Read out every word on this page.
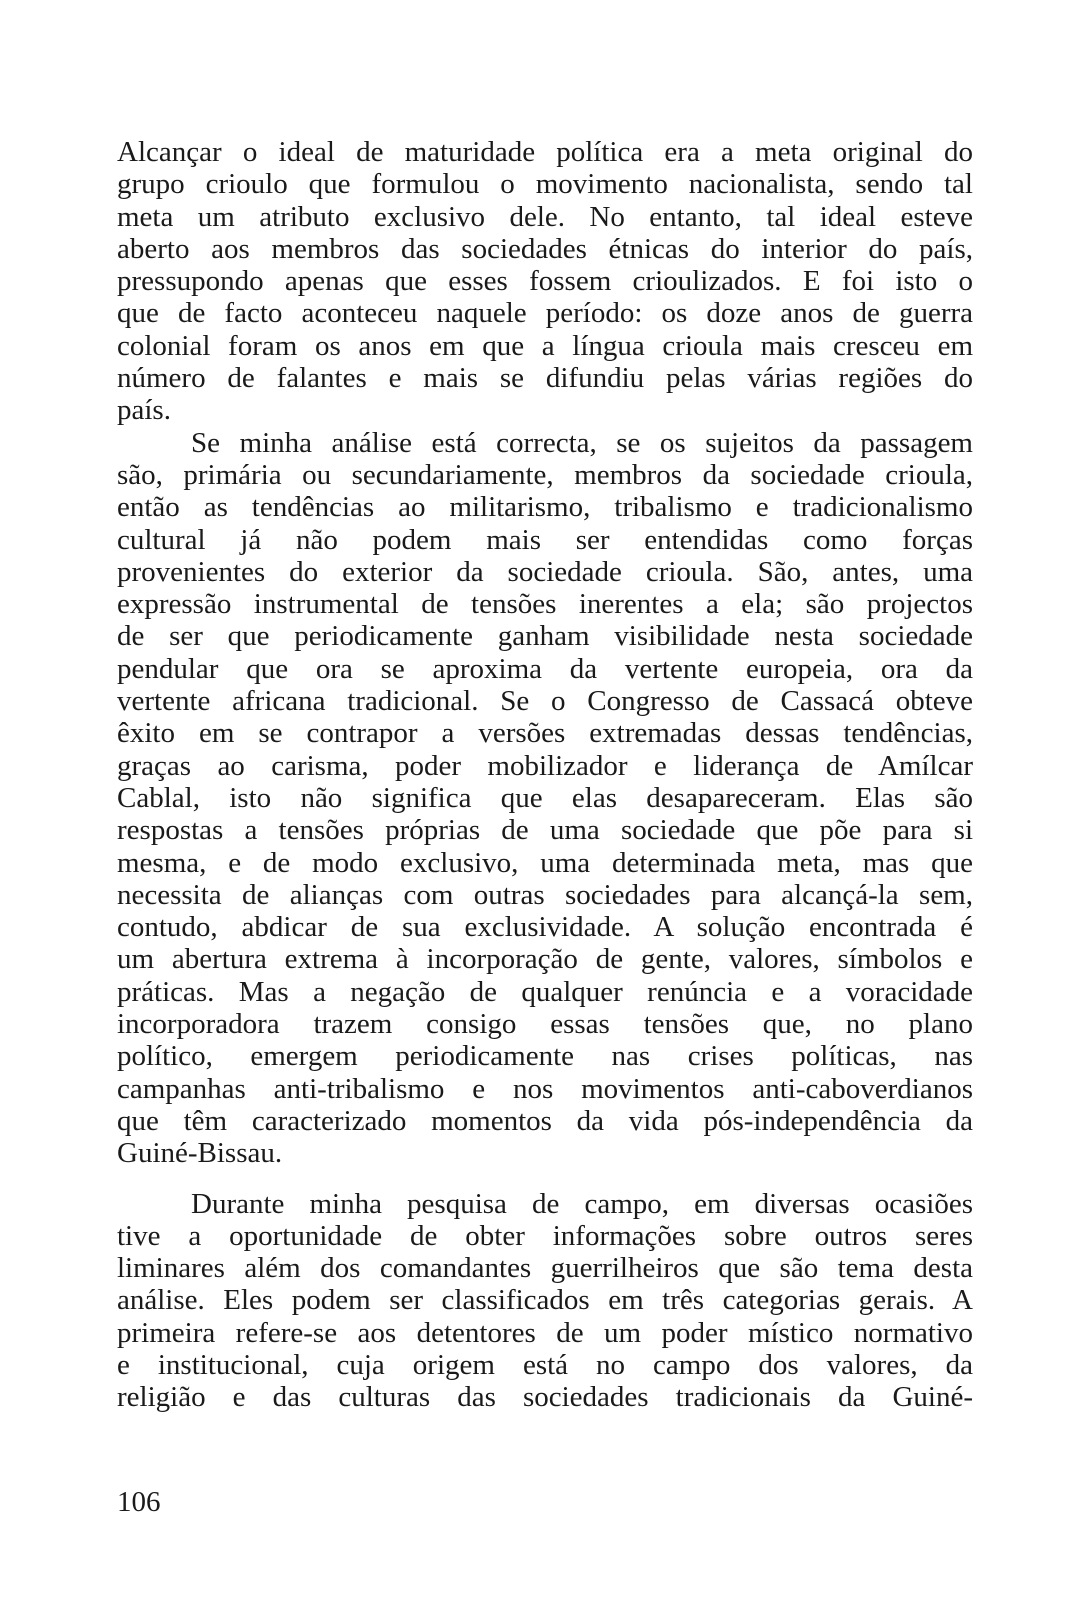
Alcançar o ideal de maturidade política era a meta original do
grupo crioulo que formulou o movimento nacionalista, sendo tal
meta um atributo exclusivo dele. No entanto, tal ideal esteve
aberto aos membros das sociedades étnicas do interior do país,
pressupondo apenas que esses fossem crioulizados. E foi isto o
que de facto aconteceu naquele período: os doze anos de guerra
colonial foram os anos em que a língua crioula mais cresceu em
número de falantes e mais se difundiu pelas várias regiões do
país.
Se minha análise está correcta, se os sujeitos da passagem
são, primária ou secundariamente, membros da sociedade crioula,
então as tendências ao militarismo, tribalismo e tradicionalismo
cultural já não podem mais ser entendidas como forças
provenientes do exterior da sociedade crioula. São, antes, uma
expressão instrumental de tensões inerentes a ela; são projectos
de ser que periodicamente ganham visibilidade nesta sociedade
pendular que ora se aproxima da vertente europeia, ora da
vertente africana tradicional. Se o Congresso de Cassacá obteve
êxito em se contrapor a versões extremadas dessas tendências,
graças ao carisma, poder mobilizador e liderança de Amílcar
Cablal, isto não significa que elas desapareceram. Elas são
respostas a tensões próprias de uma sociedade que põe para si
mesma, e de modo exclusivo, uma determinada meta, mas que
necessita de alianças com outras sociedades para alcançá-la sem,
contudo, abdicar de sua exclusividade. A solução encontrada é
um abertura extrema à incorporação de gente, valores, símbolos e
práticas. Mas a negação de qualquer renúncia e a voracidade
incorporadora trazem consigo essas tensões que, no plano
político, emergem periodicamente nas crises políticas, nas
campanhas anti-tribalismo e nos movimentos anti-caboverdianos
que têm caracterizado momentos da vida pós-independência da
Guiné-Bissau.
Durante minha pesquisa de campo, em diversas ocasiões
tive a oportunidade de obter informações sobre outros seres
liminares além dos comandantes guerrilheiros que são tema desta
análise. Eles podem ser classificados em três categorias gerais. A
primeira refere-se aos detentores de um poder místico normativo
e institucional, cuja origem está no campo dos valores, da
religião e das culturas das sociedades tradicionais da Guiné-
106
